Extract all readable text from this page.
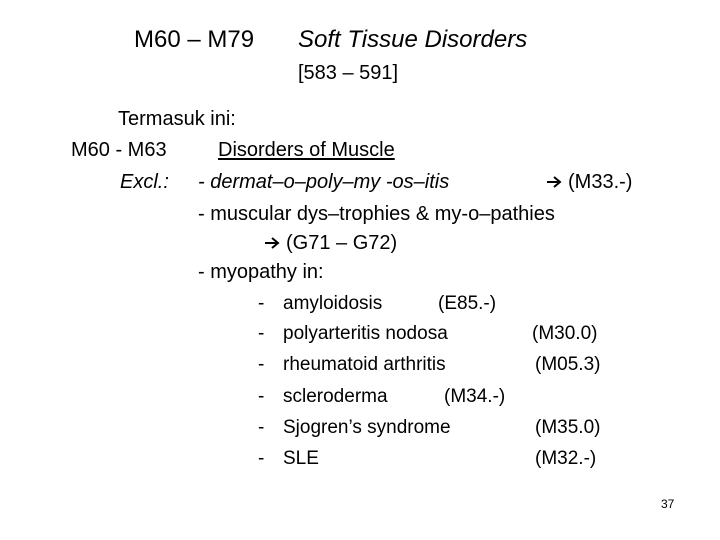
M60 – M79 Soft Tissue Disorders
[583 – 591]
Termasuk ini:
M60 - M63	Disorders of Muscle
Excl.: - dermat–o–poly–my -os–itis	(M33.-)
- muscular dys–trophies & my-o–pathies
(G71 – G72)
- myopathy in:
- amyloidosis	(E85.-)
- polyarteritis nodosa	(M30.0)
- rheumatoid arthritis	(M05.3)
- scleroderma	(M34.-)
- Sjogren’s syndrome	(M35.0)
- SLE	(M32.-)
37
